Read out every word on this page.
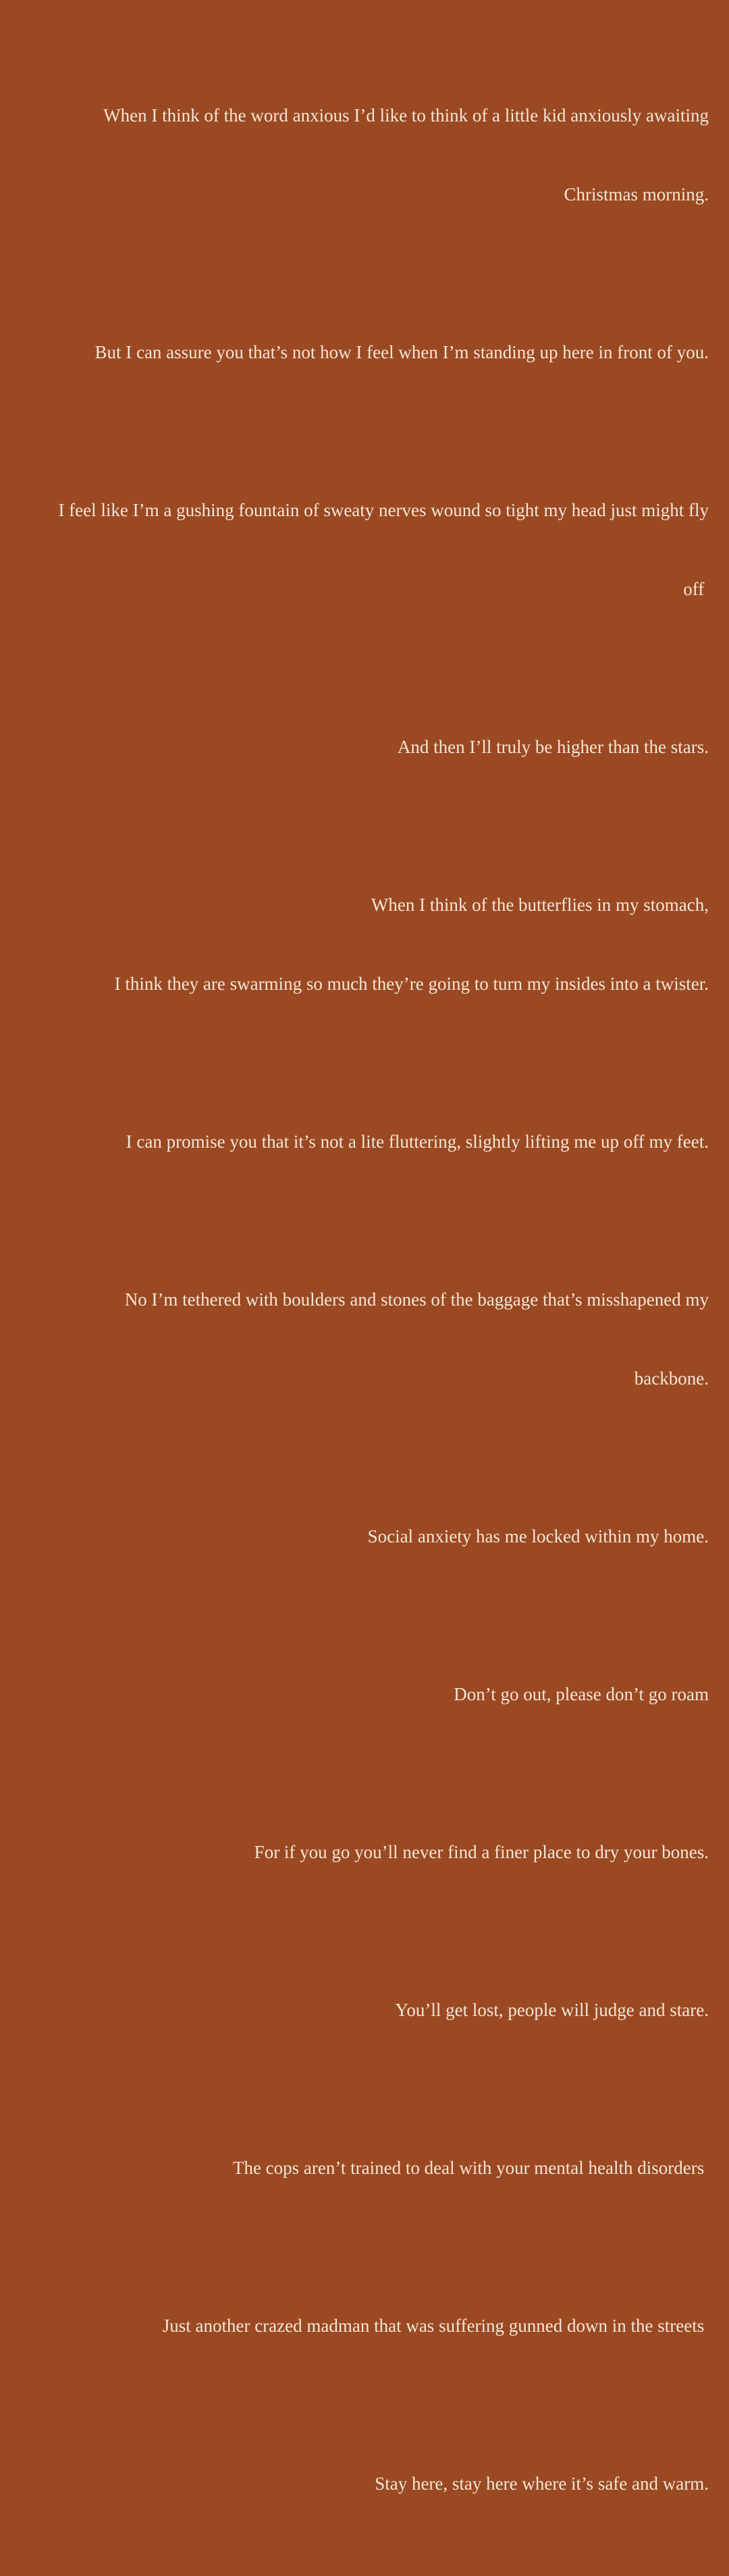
When I think of the word anxious I’d like to think of a little kid anxiously awaiting

Christmas morning.

But I can assure you that’s not how I feel when I’m standing up here in front of you.

I feel like I’m a gushing fountain of sweaty nerves wound so tight my head just might fly

off

And then I’ll truly be higher than the stars.

When I think of the butterflies in my stomach,

I think they are swarming so much they’re going to turn my insides into a twister.

I can promise you that it’s not a lite fluttering, slightly lifting me up off my feet.

No I’m tethered with boulders and stones of the baggage that’s misshapened my

backbone.

Social anxiety has me locked within my home.

Don’t go out, please don’t go roam

For if you go you’ll never find a finer place to dry your bones.

You’ll get lost, people will judge and stare.

The cops aren’t trained to deal with your mental health disorders

Just another crazed madman that was suffering gunned down in the streets

Stay here, stay here where it’s safe and warm.
